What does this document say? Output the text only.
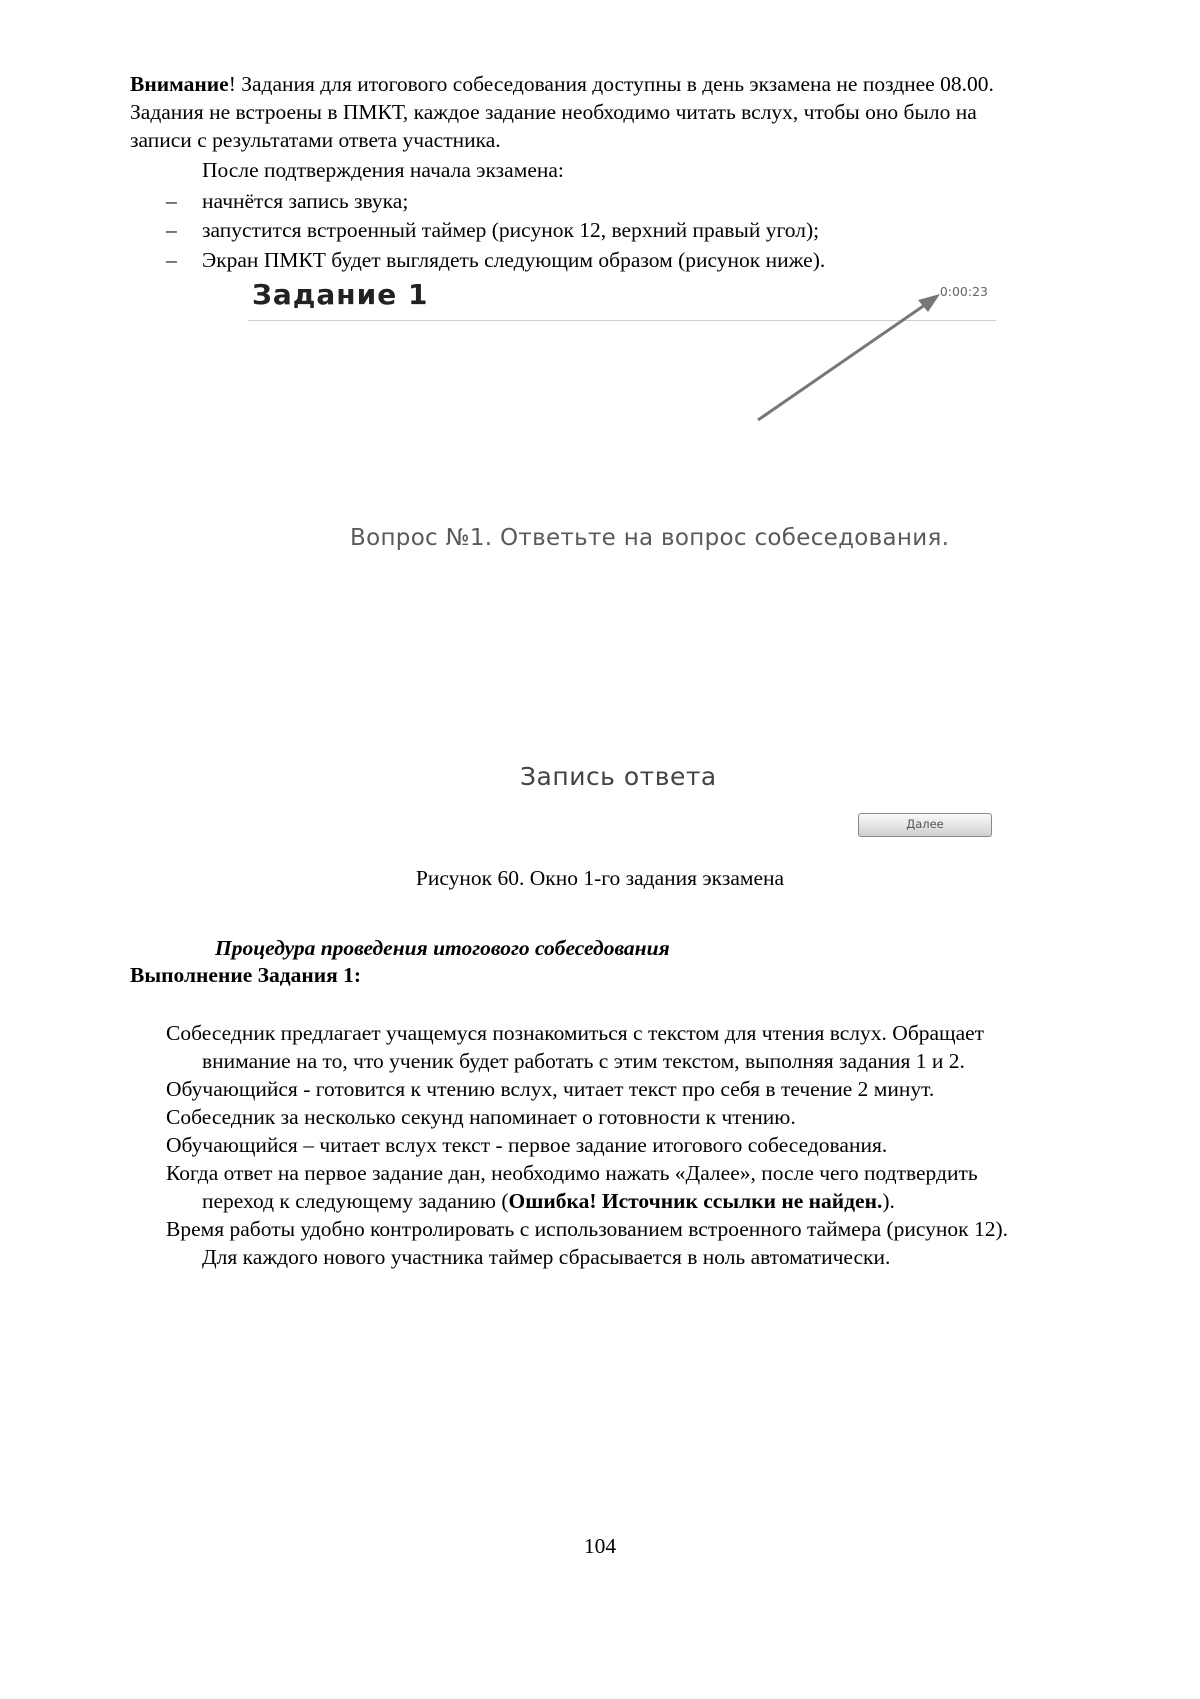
Внимание! Задания для итогового собеседования доступны в день экзамена не позднее 08.00.
Задания не встроены в ПМКТ, каждое задание необходимо читать вслух, чтобы оно было на
записи с результатами ответа участника.
После подтверждения начала экзамена:
– начнётся запись звука;
– запустится встроенный таймер (рисунок 12, верхний правый угол);
– Экран ПМКТ будет выглядеть следующим образом (рисунок ниже).
Задание 1	0:00:23
Вопрос №1. Ответьте на вопрос собеседования.
Запись ответа
Далее
Рисунок 60. Окно 1-го задания экзамена
Процедура проведения итогового собеседования
Выполнение Задания 1:
Собеседник предлагает учащемуся познакомиться с текстом для чтения вслух. Обращает
внимание на то, что ученик будет работать с этим текстом, выполняя задания 1 и 2.
Обучающийся - готовится к чтению вслух, читает текст про себя в течение 2 минут.
Собеседник за несколько секунд напоминает о готовности к чтению.
Обучающийся – читает вслух текст - первое задание итогового собеседования.
Когда ответ на первое задание дан, необходимо нажать «Далее», после чего подтвердить
переход к следующему заданию (Ошибка! Источник ссылки не найден.).
Время работы удобно контролировать с использованием встроенного таймера (рисунок 12).
Для каждого нового участника таймер сбрасывается в ноль автоматически.
104
